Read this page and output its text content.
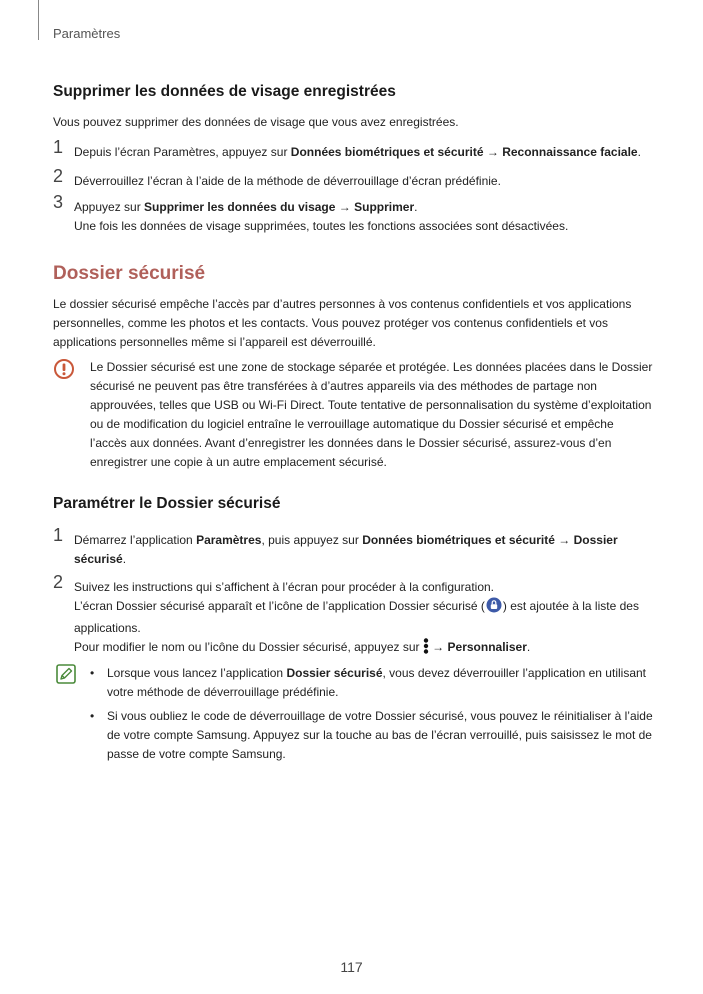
Paramètres
Supprimer les données de visage enregistrées
Vous pouvez supprimer des données de visage que vous avez enregistrées.
1 Depuis l’écran Paramètres, appuyez sur Données biométriques et sécurité → Reconnaissance faciale.
2 Déverrouillez l’écran à l’aide de la méthode de déverrouillage d’écran prédéfinie.
3 Appuyez sur Supprimer les données du visage → Supprimer.
Une fois les données de visage supprimées, toutes les fonctions associées sont désactivées.
Dossier sécurisé
Le dossier sécurisé empêche l’accès par d’autres personnes à vos contenus confidentiels et vos applications personnelles, comme les photos et les contacts. Vous pouvez protéger vos contenus confidentiels et vos applications personnelles même si l’appareil est déverrouillé.
Le Dossier sécurisé est une zone de stockage séparée et protégée. Les données placées dans le Dossier sécurisé ne peuvent pas être transférées à d’autres appareils via des méthodes de partage non approuvées, telles que USB ou Wi-Fi Direct. Toute tentative de personnalisation du système d’exploitation ou de modification du logiciel entraîne le verrouillage automatique du Dossier sécurisé et empêche l’accès aux données. Avant d’enregistrer les données dans le Dossier sécurisé, assurez-vous d’en enregistrer une copie à un autre emplacement sécurisé.
Paramétrer le Dossier sécurisé
1 Démarrez l’application Paramètres, puis appuyez sur Données biométriques et sécurité → Dossier sécurisé.
2 Suivez les instructions qui s’affichent à l’écran pour procéder à la configuration.
L’écran Dossier sécurisé apparaît et l’icône de l’application Dossier sécurisé ( ) est ajoutée à la liste des applications.
Pour modifier le nom ou l’icône du Dossier sécurisé, appuyez sur  → Personnaliser.
• Lorsque vous lancez l’application Dossier sécurisé, vous devez déverrouiller l’application en utilisant votre méthode de déverrouillage prédéfinie.
• Si vous oubliez le code de déverrouillage de votre Dossier sécurisé, vous pouvez le réinitialiser à l’aide de votre compte Samsung. Appuyez sur la touche au bas de l’écran verrouillé, puis saisissez le mot de passe de votre compte Samsung.
117
